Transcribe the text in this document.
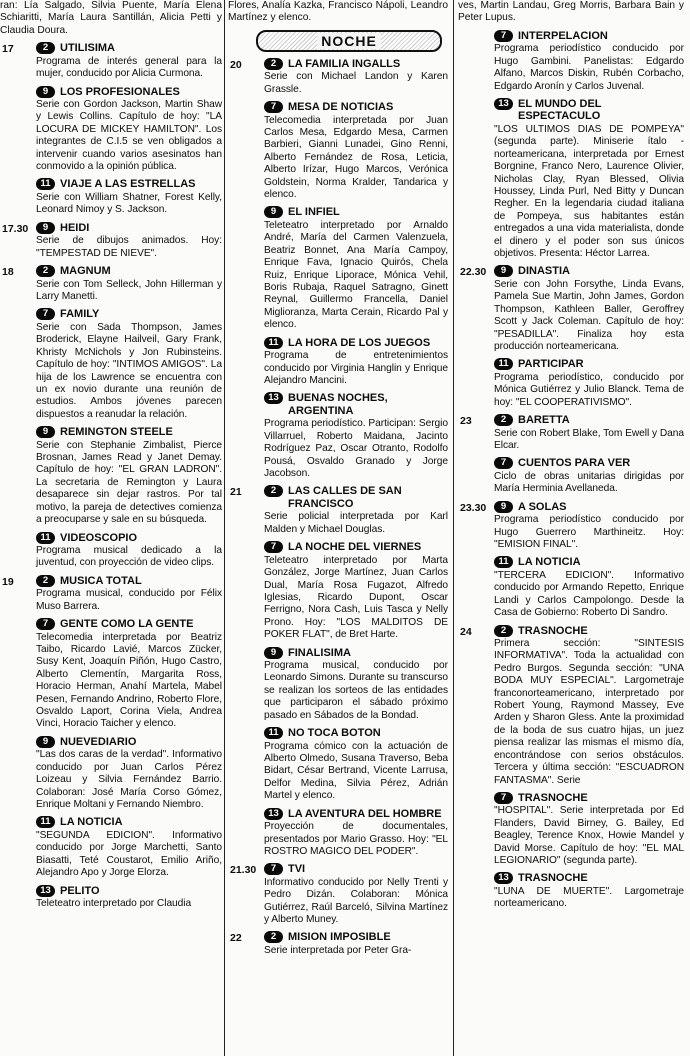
ran: Lía Salgado, Silvia Puente, María Elena Schiaritti, María Laura Santillán, Alicia Petti y Claudia Doura.
17	2	UTILISIMA
Programa de interés general para la mujer, conducido por Alicia Curmona.
9	LOS PROFESIONALES
Serie con Gordon Jackson, Martin Shaw y Lewis Collins. Capítulo de hoy: "LA LOCURA DE MICKEY HAMILTON". Los integrantes de C.I.5 se ven obligados a intervenir cuando varios asesinatos han conmovido a la opinión pública.
11 VIAJE A LAS ESTRELLAS
Serie con William Shatner, Forest Kelly, Leonard Nimoy y S. Jackson.
17.30	9	HEIDI
Serie de dibujos animados. Hoy: "TEMPESTAD DE NIEVE".
18	2	MAGNUM
Serie con Tom Selleck, John Hillerman y Larry Manetti.
7	FAMILY
Serie con Sada Thompson, James Broderick, Elayne Hailveil, Gary Frank, Khristy McNichols y Jon Rubinsteins. Capítulo de hoy: "INTIMOS AMIGOS". La hija de los Lawrence se encuentra con un ex novio durante una reunión de estudios. Ambos jóvenes parecen dispuestos a reanudar la relación.
9	REMINGTON STEELE
Serie con Stephanie Zimbalist, Pierce Brosnan, James Read y Janet Demay. Capítulo de hoy: "EL GRAN LADRON". La secretaria de Remington y Laura desaparece sin dejar rastros. Por tal motivo, la pareja de detectives comienza a preocuparse y sale en su búsqueda.
11 VIDEOSCOPIO
Programa musical dedicado a la juventud, con proyección de video clips.
19	2	MUSICA TOTAL
Programa musical, conducido por Félix Muso Barrera.
7	GENTE COMO LA GENTE
Telecomedia interpretada por Beatriz Taibo, Ricardo Lavié, Marcos Zücker, Susy Kent, Joaquín Piñón, Hugo Castro, Alberto Clementín, Margarita Ross, Horacio Herman, Anahí Martela, Mabel Pesen, Fernando Andrino, Roberto Flore, Osvaldo Laport, Corina Viela, Andrea Vinci, Horacio Taicher y elenco.
9	NUEVEDIARIO
"Las dos caras de la verdad". Informativo conducido por Juan Carlos Pérez Loizeau y Silvia Fernández Barrio. Colaboran: José María Corso Gómez, Enrique Moltani y Fernando Niembro.
11 LA NOTICIA
"SEGUNDA EDICION". Informativo conducido por Jorge Marchetti, Santo Biasatti, Teté Coustarot, Emilio Ariño, Alejandro Apo y Jorge Elorza.
13 PELITO
Teleteatro interpretado por Claudia
Flores, Analía Kazka, Francisco Nápoli, Leandro Martínez y elenco.
NOCHE
20	2	LA FAMILIA INGALLS
Serie con Michael Landon y Karen Grassle.
7	MESA DE NOTICIAS
Telecomedia interpretada por Juan Carlos Mesa, Edgardo Mesa, Carmen Barbieri, Gianni Lunadei, Gino Renni, Alberto Fernández de Rosa, Leticia, Alberto Irízar, Hugo Marcos, Verónica Goldstein, Norma Kralder, Tandarica y elenco.
9	EL INFIEL
Teleteatro interpretado por Arnaldo André, María del Carmen Valenzuela, Beatriz Bonnet, Ana María Campoy, Enrique Fava, Ignacio Quirós, Chela Ruiz, Enrique Liporace, Mónica Vehil, Boris Rubaja, Raquel Satragno, Ginett Reynal, Guillermo Francella, Daniel Miglioranza, Marta Cerain, Ricardo Pal y elenco.
11 LA HORA DE LOS JUEGOS
Programa de entretenimientos conducido por Virginia Hanglin y Enrique Alejandro Mancini.
13 BUENAS NOCHES, ARGENTINA
Programa periodístico. Participan: Sergio Villarruel, Roberto Maidana, Jacinto Rodríguez Paz, Oscar Otranto, Rodolfo Pousá, Osvaldo Granado y Jorge Jacobson.
21	2	LAS CALLES DE SAN FRANCISCO
Serie policial interpretada por Karl Malden y Michael Douglas.
7	LA NOCHE DEL VIERNES
Teleteatro interpretado por Marta González, Jorge Martínez, Juan Carlos Dual, María Rosa Fugazot, Alfredo Iglesias, Ricardo Dupont, Oscar Ferrigno, Nora Cash, Luis Tasca y Nelly Prono. Hoy: "LOS MALDITOS DE POKER FLAT", de Bret Harte.
9	FINALISIMA
Programa musical, conducido por Leonardo Simons. Durante su transcurso se realizan los sorteos de las entidades que participaron el sábado próximo pasado en Sábados de la Bondad.
11 NO TOCA BOTON
Programa cómico con la actuación de Alberto Olmedo, Susana Traverso, Beba Bidart, César Bertrand, Vicente Larrusa, Delfor Medina, Silvia Pérez, Adrián Martel y elenco.
13 LA AVENTURA DEL HOMBRE
Proyección de documentales, presentados por Mario Grasso. Hoy: "EL ROSTRO MAGICO DEL PODER".
21.30	7	TVI
Informativo conducido por Nelly Trenti y Pedro Dizán. Colaboran: Mónica Gutiérrez, Raúl Barceló, Silvina Martínez y Alberto Muney.
22	2	MISION IMPOSIBLE
Serie interpretada por Peter Gra-
ves, Martin Landau, Greg Morris, Barbara Bain y Peter Lupus.
7	INTERPELACION
Programa periodístico conducido por Hugo Gambini. Panelistas: Edgardo Alfano, Marcos Diskin, Rubén Corbacho, Edgardo Aronín y Carlos Juvenal.
13 EL MUNDO DEL ESPECTACULO
"LOS ULTIMOS DIAS DE POMPEYA" (segunda parte). Miniserie ítalo - norteamericana, interpretada por Ernest Borgnine, Franco Nero, Laurence Olivier, Nicholas Clay, Ryan Blessed, Olivia Houssey, Linda Purl, Ned Bitty y Duncan Regher. En la legendaria ciudad italiana de Pompeya, sus habitantes están entregados a una vida materialista, donde el dinero y el poder son sus únicos objetivos. Presenta: Héctor Larrea.
22.30	9	DINASTIA
Serie con John Forsythe, Linda Evans, Pamela Sue Martin, John James, Gordon Thompson, Kathleen Baller, Geroffrey Scott y Jack Coleman. Capítulo de hoy: "PESADILLA". Finaliza hoy esta producción norteamericana.
11 PARTICIPAR
Programa periodístico, conducido por Mónica Gutiérrez y Julio Blanck. Tema de hoy: "EL COOPERATIVISMO".
23	2	BARETTA
Serie con Robert Blake, Tom Ewell y Dana Elcar.
7	CUENTOS PARA VER
Ciclo de obras unitarias dirigidas por María Herminia Avellaneda.
23.30	9	A SOLAS
Programa periodístico conducido por Hugo Guerrero Marthineitz. Hoy: "EMISION FINAL".
11 LA NOTICIA
"TERCERA EDICION". Informativo conducido por Armando Repetto, Enrique Landi y Carlos Campolongo. Desde la Casa de Gobierno: Roberto Di Sandro.
24	2	TRASNOCHE
Primera sección: "SINTESIS INFORMATIVA". Toda la actualidad con Pedro Burgos. Segunda sección: "UNA BODA MUY ESPECIAL". Largometraje franconorteamericano, interpretado por Robert Young, Raymond Massey, Eve Arden y Sharon Gless. Ante la proximidad de la boda de sus cuatro hijas, un juez piensa realizar las mismas el mismo día, encontrándose con serios obstáculos. Tercera y última sección: "ESCUADRON FANTASMA". Serie
7	TRASNOCHE
"HOSPITAL". Serie interpretada por Ed Flanders, David Birney, G. Bailey, Ed Beagley, Terence Knox, Howie Mandel y David Morse. Capítulo de hoy: "EL MAL LEGIONARIO" (segunda parte).
13 TRASNOCHE
"LUNA DE MUERTE". Largometraje norteamericano.
